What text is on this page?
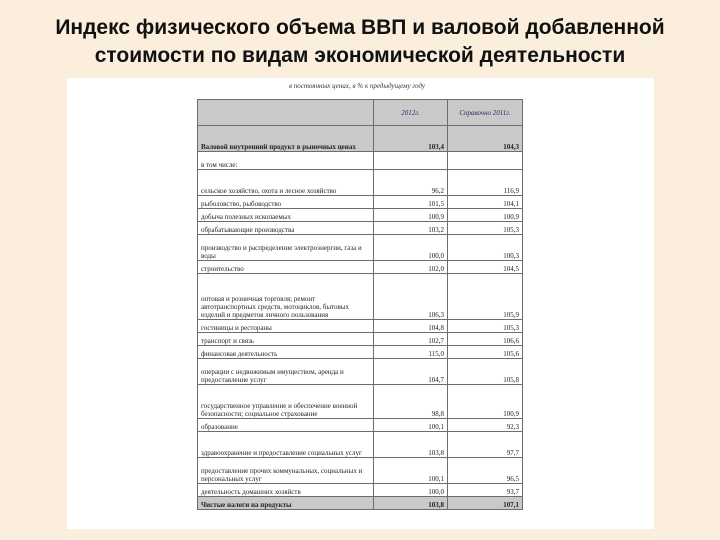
Индекс физического объема ВВП и валовой добавленной стоимости по видам экономической деятельности
в постоянных ценах, в % к предыдущему году
	2012г.	Справочно 2011г.
Валовой внутренний продукт в рыночных ценах	103,4	104,3
в том числе:		
сельское хозяйство, охота и лесное хозяйство	96,2	116,9
рыболовство, рыбоводство	101,5	104,1
добыча полезных ископаемых	100,9	100,9
обрабатывающие производства	103,2	105,3
производство и распределение электроэнергии, газа и воды	100,0	100,3
строительство	102,0	104,5
оптовая и розничная торговля; ремонт автотранспортных средств, мотоциклов, бытовых изделий и предметов личного пользования	106,3	105,9
гостиницы и рестораны	104,8	105,3
транспорт и связь	102,7	106,6
финансовая деятельность	115,0	105,6
операции с недвижимым имуществом, аренда и предоставление услуг	104,7	105,8
государственное управление и обеспечение военной безопасности; социальное страхование	98,8	100,9
образование	100,1	92,3
здравоохранение и предоставление социальных услуг	103,8	97,7
предоставление прочих коммунальных, социальных и персональных услуг	100,1	96,5
деятельность домашних хозяйств	100,0	93,7
Чистые налоги на продукты	103,8	107,1
